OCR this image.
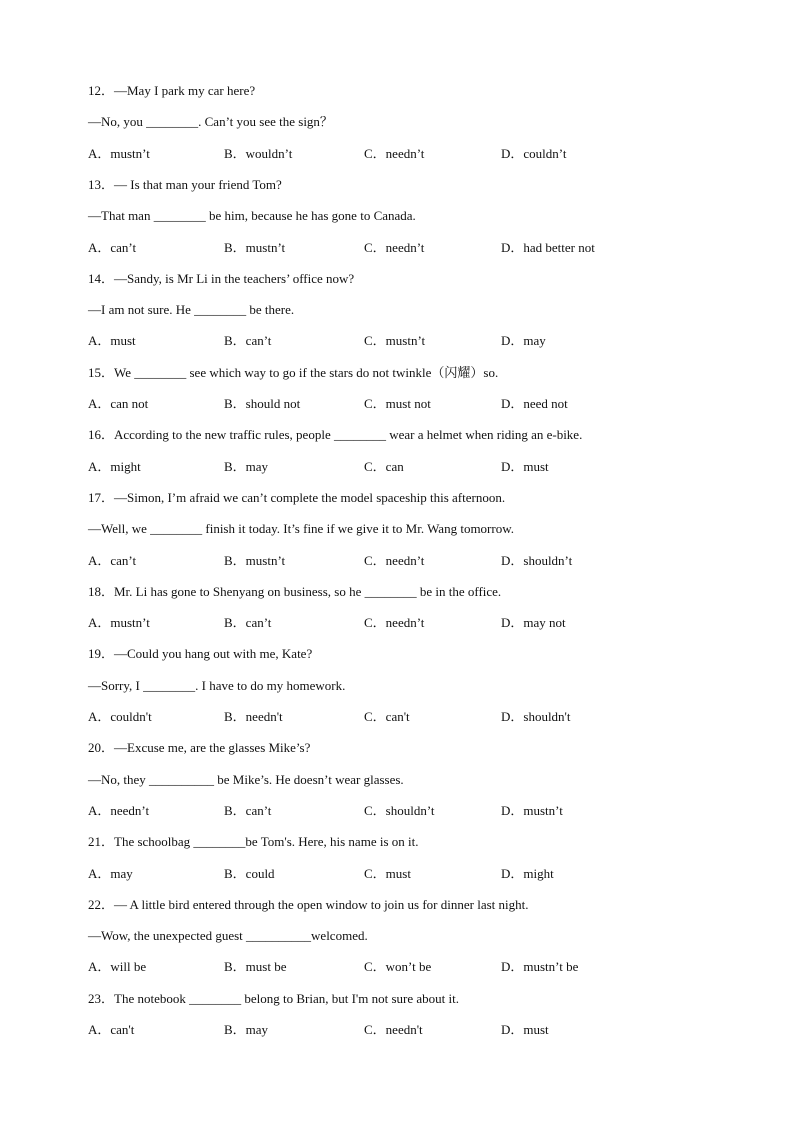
12．—May I park my car here?
—No, you ________. Can’t you see the sign？
A．mustn’t	B．wouldn’t	C．needn’t	D．couldn’t
13．— Is that man your friend Tom?
—That man ________ be him, because he has gone to Canada.
A．can’t	B．mustn’t	C．needn’t	D．had better not
14．—Sandy, is Mr Li in the teachers’ office now?
—I am not sure. He ________ be there.
A．must	B．can’t	C．mustn’t	D．may
15．We ________ see which way to go if the stars do not twinkle（闪耀）so.
A．can not	B．should not	C．must not	D．need not
16．According to the new traffic rules, people ________ wear a helmet when riding an e-bike.
A．might	B．may	C．can	D．must
17．—Simon, I’m afraid we can’t complete the model spaceship this afternoon.
—Well, we ________ finish it today. It’s fine if we give it to Mr. Wang tomorrow.
A．can’t	B．mustn’t	C．needn’t	D．shouldn’t
18．Mr. Li has gone to Shenyang on business, so he ________ be in the office.
A．mustn’t	B．can’t	C．needn’t	D．may not
19．—Could you hang out with me, Kate?
—Sorry, I ________. I have to do my homework.
A．couldn't	B．needn't	C．can't	D．shouldn't
20．—Excuse me, are the glasses Mike’s?
—No, they __________ be Mike’s. He doesn’t wear glasses.
A．needn’t	B．can’t	C．shouldn’t	D．mustn’t
21．The schoolbag ________be Tom's. Here, his name is on it.
A．may	B．could	C．must	D．might
22．— A little bird entered through the open window to join us for dinner last night.
—Wow, the unexpected guest __________welcomed.
A．will be	B．must be	C．won’t be	D．mustn’t be
23．The notebook ________ belong to Brian, but I'm not sure about it.
A．can't	B．may	C．needn't	D．must
